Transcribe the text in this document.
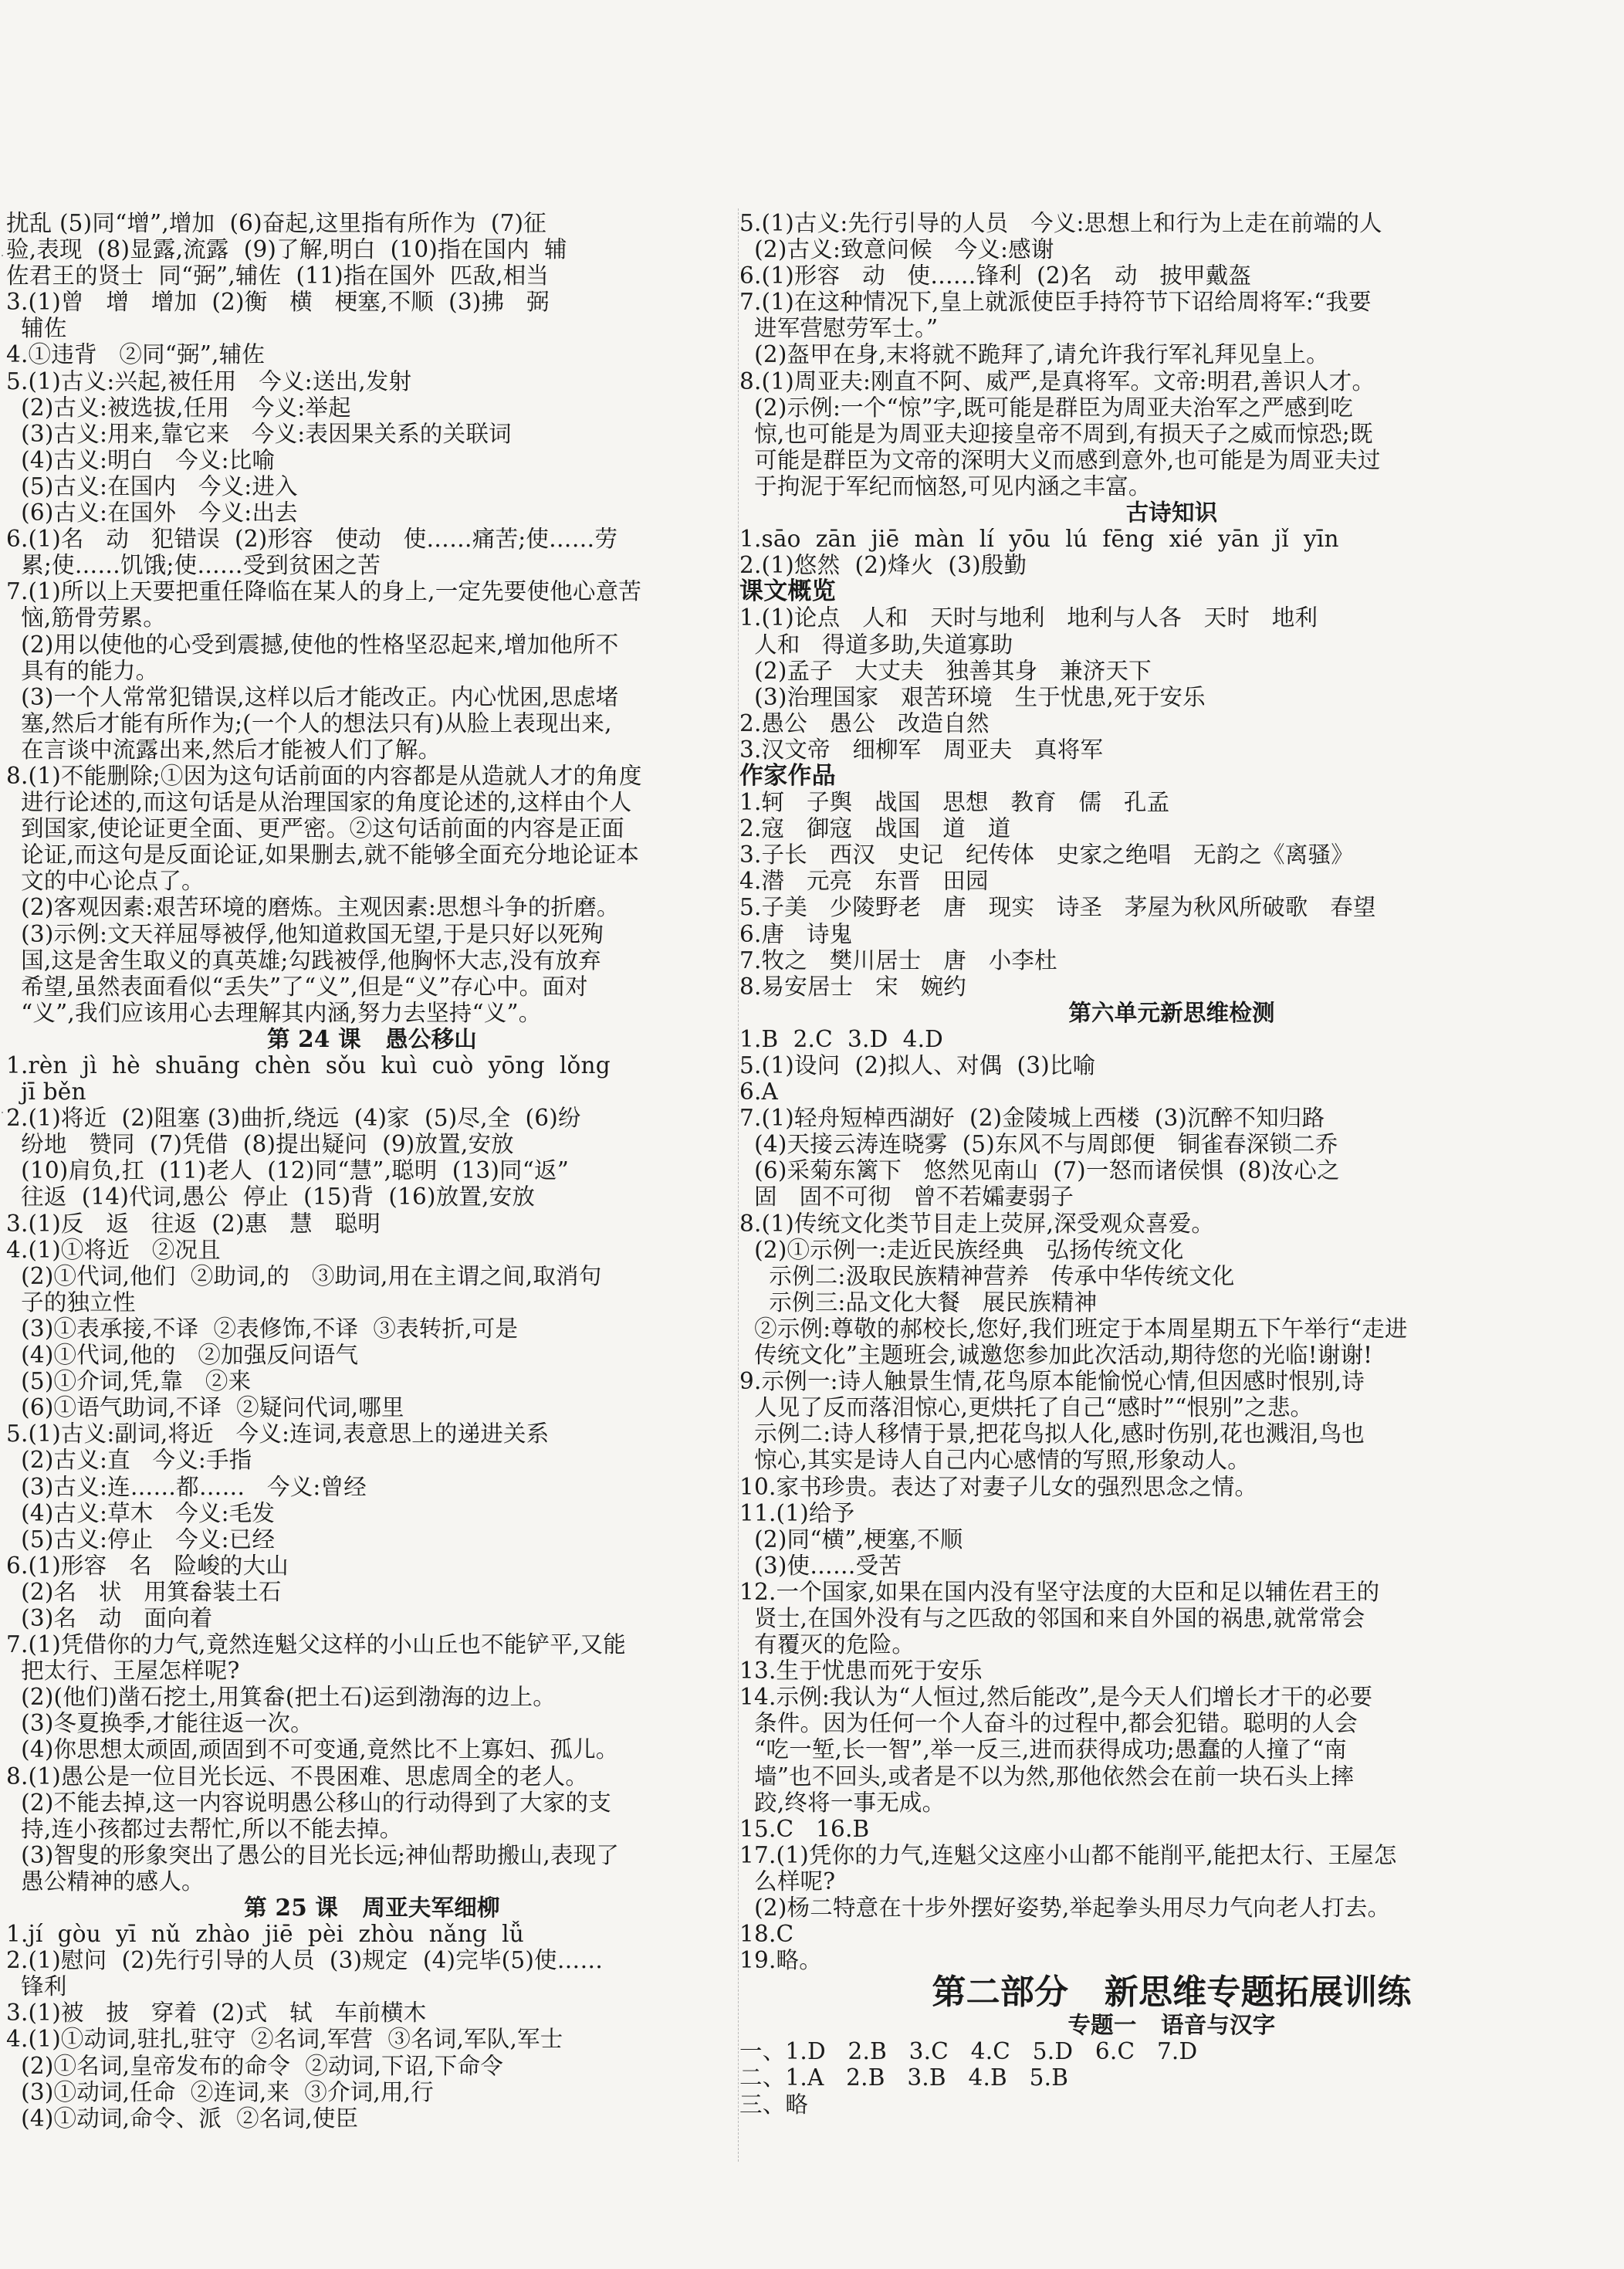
扰乱 (5)同“增”,增加  (6)奋起,这里指有所作为  (7)征
验,表现  (8)显露,流露  (9)了解,明白  (10)指在国内  辅
佐君王的贤士  同“弼”,辅佐  (11)指在国外  匹敌,相当
3.(1)曾   增   增加  (2)衡   横   梗塞,不顺  (3)拂   弼
辅佐
4.①违背   ②同“弼”,辅佐
5.(1)古义:兴起,被任用   今义:送出,发射
(2)古义:被选拔,任用   今义:举起
(3)古义:用来,靠它来   今义:表因果关系的关联词
(4)古义:明白   今义:比喻
(5)古义:在国内   今义:进入
(6)古义:在国外   今义:出去
6.(1)名   动   犯错误  (2)形容   使动   使……痛苦;使……劳
累;使……饥饿;使……受到贫困之苦
7.(1)所以上天要把重任降临在某人的身上,一定先要使他心意苦
恼,筋骨劳累。
(2)用以使他的心受到震撼,使他的性格坚忍起来,增加他所不
具有的能力。
(3)一个人常常犯错误,这样以后才能改正。内心忧困,思虑堵
塞,然后才能有所作为;(一个人的想法只有)从脸上表现出来,
在言谈中流露出来,然后才能被人们了解。
8.(1)不能删除;①因为这句话前面的内容都是从造就人才的角度
进行论述的,而这句话是从治理国家的角度论述的,这样由个人
到国家,使论证更全面、更严密。②这句话前面的内容是正面
论证,而这句是反面论证,如果删去,就不能够全面充分地论证本
文的中心论点了。
(2)客观因素:艰苦环境的磨炼。主观因素:思想斗争的折磨。
(3)示例:文天祥屈辱被俘,他知道救国无望,于是只好以死殉
国,这是舍生取义的真英雄;勾践被俘,他胸怀大志,没有放弃
希望,虽然表面看似“丢失”了“义”,但是“义”存心中。面对
“义”,我们应该用心去理解其内涵,努力去坚持“义”。
第 24 课   愚公移山
1.rèn  jì  hè  shuāng  chèn  sǒu  kuì  cuò  yōng  lǒng
jī běn
2.(1)将近  (2)阻塞 (3)曲折,绕远  (4)家  (5)尽,全  (6)纷
纷地   赞同  (7)凭借  (8)提出疑问  (9)放置,安放
(10)肩负,扛  (11)老人  (12)同“慧”,聪明  (13)同“返”
往返  (14)代词,愚公  停止  (15)背  (16)放置,安放
3.(1)反   返   往返  (2)惠   慧   聪明
4.(1)①将近   ②况且
(2)①代词,他们  ②助词,的   ③助词,用在主谓之间,取消句
子的独立性
(3)①表承接,不译  ②表修饰,不译  ③表转折,可是
(4)①代词,他的   ②加强反问语气
(5)①介词,凭,靠   ②来
(6)①语气助词,不译  ②疑问代词,哪里
5.(1)古义:副词,将近   今义:连词,表意思上的递进关系
(2)古义:直   今义:手指
(3)古义:连……都……   今义:曾经
(4)古义:草木   今义:毛发
(5)古义:停止   今义:已经
6.(1)形容   名   险峻的大山
(2)名   状   用箕畚装土石
(3)名   动   面向着
7.(1)凭借你的力气,竟然连魁父这样的小山丘也不能铲平,又能
把太行、王屋怎样呢?
(2)(他们)凿石挖土,用箕畚(把土石)运到渤海的边上。
(3)冬夏换季,才能往返一次。
(4)你思想太顽固,顽固到不可变通,竟然比不上寡妇、孤儿。
8.(1)愚公是一位目光长远、不畏困难、思虑周全的老人。
(2)不能去掉,这一内容说明愚公移山的行动得到了大家的支
持,连小孩都过去帮忙,所以不能去掉。
(3)智叟的形象突出了愚公的目光长远;神仙帮助搬山,表现了
愚公精神的感人。
第 25 课   周亚夫军细柳
1.jí  gòu  yī  nǔ  zhào  jiē  pèi  zhòu  nǎng  lǚ
2.(1)慰问  (2)先行引导的人员  (3)规定  (4)完毕(5)使……
锋利
3.(1)被   披   穿着  (2)式   轼   车前横木
4.(1)①动词,驻扎,驻守  ②名词,军营  ③名词,军队,军士
(2)①名词,皇帝发布的命令  ②动词,下诏,下命令
(3)①动词,任命  ②连词,来  ③介词,用,行
(4)①动词,命令、派  ②名词,使臣
5.(1)古义:先行引导的人员   今义:思想上和行为上走在前端的人
(2)古义:致意问候   今义:感谢
6.(1)形容   动   使……锋利  (2)名   动   披甲戴盔
7.(1)在这种情况下,皇上就派使臣手持符节下诏给周将军:“我要
进军营慰劳军士。”
(2)盔甲在身,末将就不跪拜了,请允许我行军礼拜见皇上。
8.(1)周亚夫:刚直不阿、威严,是真将军。文帝:明君,善识人才。
(2)示例:一个“惊”字,既可能是群臣为周亚夫治军之严感到吃
惊,也可能是为周亚夫迎接皇帝不周到,有损天子之威而惊恐;既
可能是群臣为文帝的深明大义而感到意外,也可能是为周亚夫过
于拘泥于军纪而恼怒,可见内涵之丰富。
古诗知识
1.sāo  zān  jiē  màn  lí  yōu  lú  fēng  xié  yān  jǐ  yīn
2.(1)悠然  (2)烽火  (3)殷勤
课文概览
1.(1)论点   人和   天时与地利   地利与人各   天时   地利
人和   得道多助,失道寡助
(2)孟子   大丈夫   独善其身   兼济天下
(3)治理国家   艰苦环境   生于忧患,死于安乐
2.愚公   愚公   改造自然
3.汉文帝   细柳军   周亚夫   真将军
作家作品
1.轲   子舆   战国   思想   教育   儒   孔孟
2.寇   御寇   战国   道   道
3.子长   西汉   史记   纪传体   史家之绝唱   无韵之《离骚》
4.潜   元亮   东晋   田园
5.子美   少陵野老   唐   现实   诗圣   茅屋为秋风所破歌   春望
6.唐   诗鬼
7.牧之   樊川居士   唐   小李杜
8.易安居士   宋   婉约
第六单元新思维检测
1.B  2.C  3.D  4.D
5.(1)设问  (2)拟人、对偶  (3)比喻
6.A
7.(1)轻舟短棹西湖好  (2)金陵城上西楼  (3)沉醉不知归路
(4)天接云涛连晓雾  (5)东风不与周郎便   铜雀春深锁二乔
(6)采菊东篱下   悠然见南山  (7)一怒而诸侯惧  (8)汝心之
固   固不可彻   曾不若孀妻弱子
8.(1)传统文化类节目走上荧屏,深受观众喜爱。
(2)①示例一:走近民族经典   弘扬传统文化
示例二:汲取民族精神营养   传承中华传统文化
示例三:品文化大餐   展民族精神
②示例:尊敬的郝校长,您好,我们班定于本周星期五下午举行“走进
传统文化”主题班会,诚邀您参加此次活动,期待您的光临!谢谢!
9.示例一:诗人触景生情,花鸟原本能愉悦心情,但因感时恨别,诗
人见了反而落泪惊心,更烘托了自己“感时”“恨别”之悲。
示例二:诗人移情于景,把花鸟拟人化,感时伤别,花也溅泪,鸟也
惊心,其实是诗人自己内心感情的写照,形象动人。
10.家书珍贵。表达了对妻子儿女的强烈思念之情。
11.(1)给予
(2)同“横”,梗塞,不顺
(3)使……受苦
12.一个国家,如果在国内没有坚守法度的大臣和足以辅佐君王的
贤士,在国外没有与之匹敌的邻国和来自外国的祸患,就常常会
有覆灭的危险。
13.生于忧患而死于安乐
14.示例:我认为“人恒过,然后能改”,是今天人们增长才干的必要
条件。因为任何一个人奋斗的过程中,都会犯错。聪明的人会
“吃一堑,长一智”,举一反三,进而获得成功;愚蠢的人撞了“南
墙”也不回头,或者是不以为然,那他依然会在前一块石头上摔
跤,终将一事无成。
15.C   16.B
17.(1)凭你的力气,连魁父这座小山都不能削平,能把太行、王屋怎
么样呢?
(2)杨二特意在十步外摆好姿势,举起拳头用尽力气向老人打去。
18.C
19.略。
第二部分   新思维专题拓展训练
专题一   语音与汉字
一、1.D   2.B   3.C   4.C   5.D   6.C   7.D
二、1.A   2.B   3.B   4.B   5.B
三、略
